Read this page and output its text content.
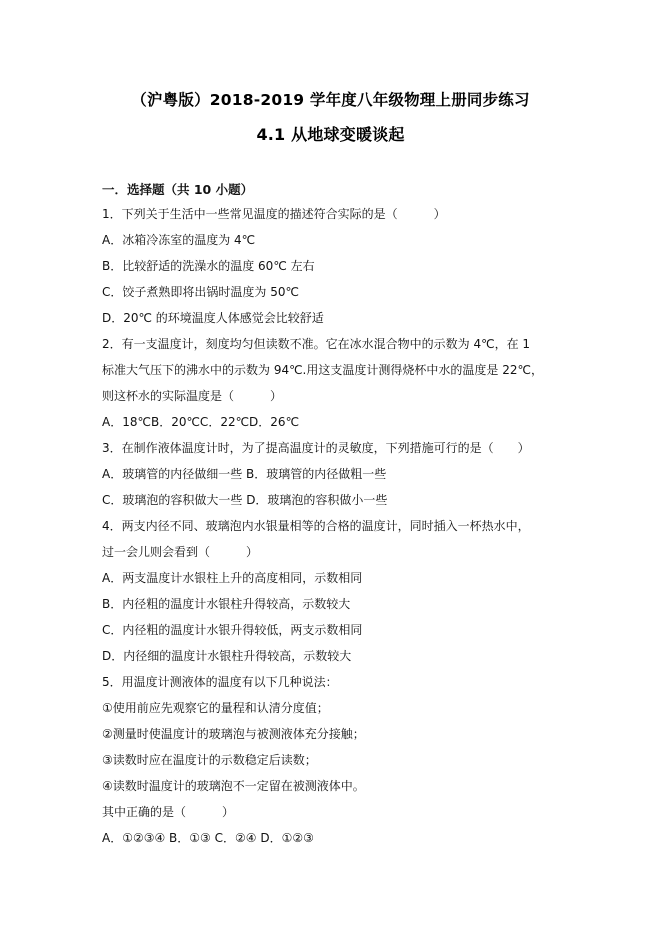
（沪粤版）2018-2019 学年度八年级物理上册同步练习
4.1 从地球变暖谈起
一．选择题（共 10 小题）
1．下列关于生活中一些常见温度的描述符合实际的是（　　　）
A．冰箱冷冻室的温度为 4℃
B．比较舒适的洗澡水的温度 60℃ 左右
C．饺子煮熟即将出锅时温度为 50℃
D．20℃ 的环境温度人体感觉会比较舒适
2．有一支温度计，刻度均匀但读数不准。它在冰水混合物中的示数为 4℃，在 1
标准大气压下的沸水中的示数为 94℃.用这支温度计测得烧杯中水的温度是 22℃，
则这杯水的实际温度是（　　　）
A．18℃B．20℃C．22℃D．26℃
3．在制作液体温度计时，为了提高温度计的灵敏度，下列措施可行的是（　　）
A．玻璃管的内径做细一些 B．玻璃管的内径做粗一些
C．玻璃泡的容积做大一些 D．玻璃泡的容积做小一些
4．两支内径不同、玻璃泡内水银量相等的合格的温度计，同时插入一杯热水中，
过一会儿则会看到（　　　）
A．两支温度计水银柱上升的高度相同，示数相同
B．内径粗的温度计水银柱升得较高，示数较大
C．内径粗的温度计水银升得较低，两支示数相同
D．内径细的温度计水银柱升得较高，示数较大
5．用温度计测液体的温度有以下几种说法：
①使用前应先观察它的量程和认清分度值；
②测量时使温度计的玻璃泡与被测液体充分接触；
③读数时应在温度计的示数稳定后读数；
④读数时温度计的玻璃泡不一定留在被测液体中。
其中正确的是（　　　）
A．①②③④ B．①③ C．②④ D．①②③
